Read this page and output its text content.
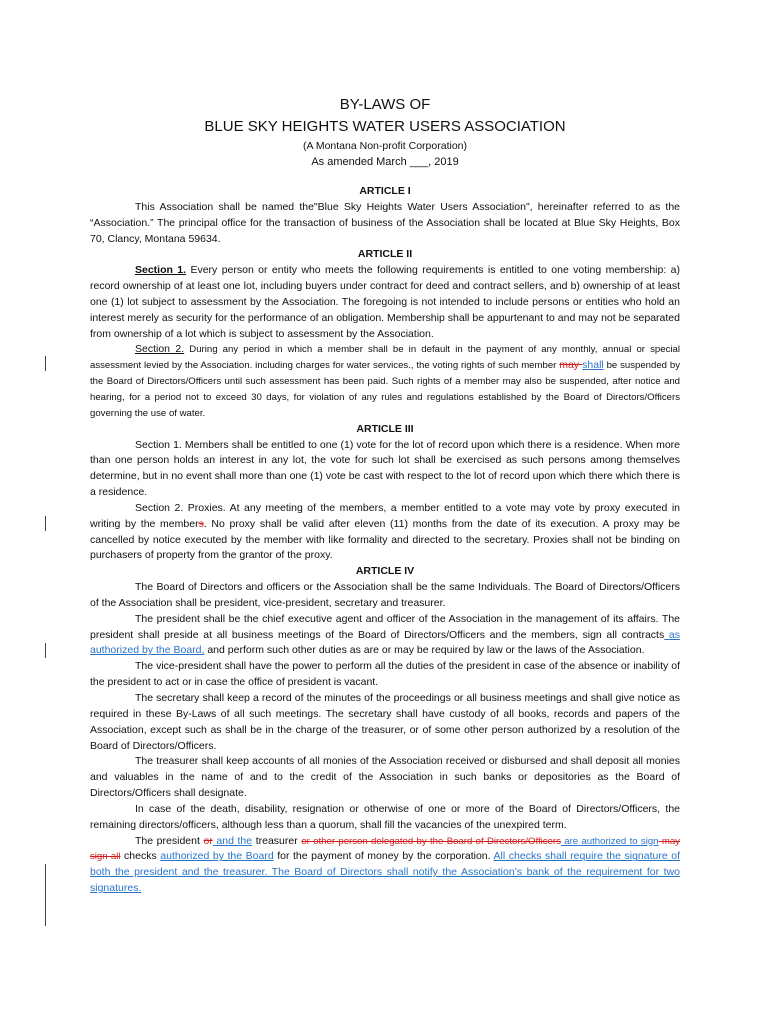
BY-LAWS OF
BLUE SKY HEIGHTS WATER USERS ASSOCIATION
(A Montana Non-profit Corporation)
As amended March ___, 2019
ARTICLE I

This Association shall be named the"Blue Sky Heights Water Users Association", hereinafter referred to as the “Association.” The principal office for the transaction of business of the Association shall be located at Blue Sky Heights, Box 70, Clancy, Montana 59634.

ARTICLE II

Section 1. Every person or entity who meets the following requirements is entitled to one voting membership: a) record ownership of at least one lot, including buyers under contract for deed and contract sellers, and b) ownership of at least one (1) lot subject to assessment by the Association. The foregoing is not intended to include persons or entities who hold an interest merely as security for the performance of an obligation. Membership shall be appurtenant to and may not be separated from ownership of a lot which is subject to assessment by the Association.

Section 2. During any period in which a member shall be in default in the payment of any monthly, annual or special assessment levied by the Association. including charges for water services., the voting rights of such member may shall be suspended by the Board of Directors/Officers until such assessment has been paid. Such rights of a member may also be suspended, after notice and hearing, for a period not to exceed 30 days, for violation of any rules and regulations established by the Board of Directors/Officers governing the use of water.

ARTICLE III

Section 1. Members shall be entitled to one (1) vote for the lot of record upon which there is a residence. When more than one person holds an interest in any lot, the vote for such lot shall be exercised as such persons among themselves determine, but in no event shall more than one (1) vote be cast with respect to the lot of record upon which there which there is a residence.

Section 2. Proxies. At any meeting of the members, a member entitled to a vote may vote by proxy executed in writing by the members. No proxy shall be valid after eleven (11) months from the date of its execution. A proxy may be cancelled by notice executed by the member with like formality and directed to the secretary. Proxies shall not be binding on purchasers of property from the grantor of the proxy.

ARTICLE IV

The Board of Directors and officers or the Association shall be the same Individuals. The Board of Directors/Officers of the Association shall be president, vice-president, secretary and treasurer.

The president shall be the chief executive agent and officer of the Association in the management of its affairs. The president shall preside at all business meetings of the Board of Directors/Officers and the members, sign all contracts as authorized by the Board, and perform such other duties as are or may be required by law or the laws of the Association.

The vice-president shall have the power to perform all the duties of the president in case of the absence or inability of the president to act or in case the office of president is vacant.

The secretary shall keep a record of the minutes of the proceedings or all business meetings and shall give notice as required in these By-Laws of all such meetings. The secretary shall have custody of all books, records and papers of the Association, except such as shall be in the charge of the treasurer, or of some other person authorized by a resolution of the Board of Directors/Officers.

The treasurer shall keep accounts of all monies of the Association received or disbursed and shall deposit all monies and valuables in the name of and to the credit of the Association in such banks or depositories as the Board of Directors/Officers shall designate.

In case of the death, disability, resignation or otherwise of one or more of the Board of Directors/Officers, the remaining directors/officers, although less than a quorum, shall fill the vacancies of the unexpired term.

The president or and the treasurer or other person delegated by the Board of Directors/Officers are authorized to sign may sign all checks authorized by the Board for the payment of money by the corporation. All checks shall require the signature of both the president and the treasurer. The Board of Directors shall notify the Association’s bank of the requirement for two signatures.
